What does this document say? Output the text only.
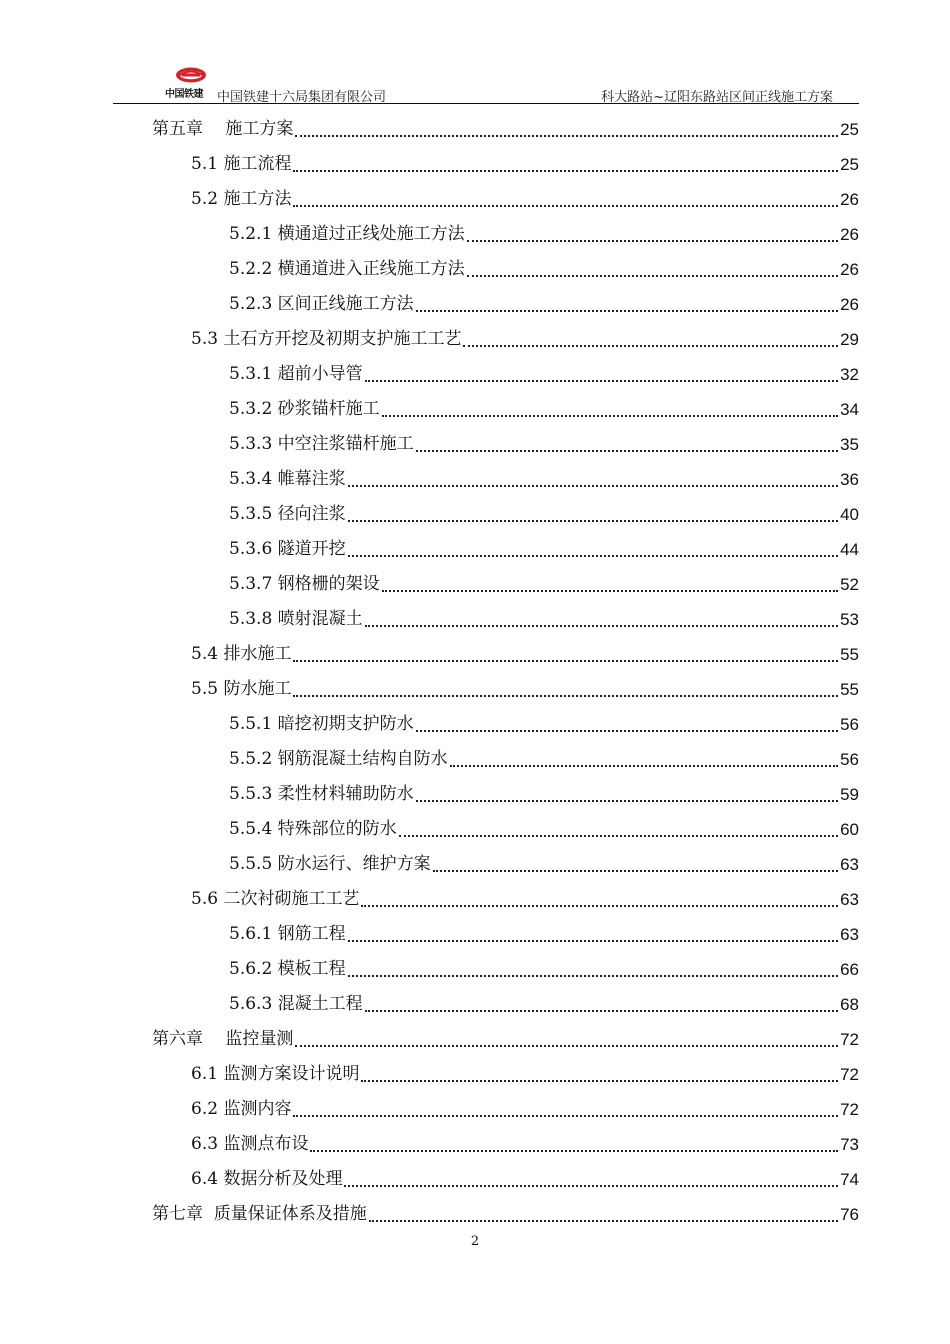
中国铁建 中国铁建十六局集团有限公司	科大路站~辽阳东路站区间正线施工方案
第五章　 施工方案	25
5.1 施工流程	25
5.2 施工方法	26
5.2.1 横通道过正线处施工方法	26
5.2.2 横通道进入正线施工方法	26
5.2.3 区间正线施工方法	26
5.3 土石方开挖及初期支护施工工艺	29
5.3.1 超前小导管	32
5.3.2 砂浆锚杆施工	34
5.3.3 中空注浆锚杆施工	35
5.3.4 帷幕注浆	36
5.3.5 径向注浆	40
5.3.6 隧道开挖	44
5.3.7 钢格栅的架设	52
5.3.8 喷射混凝土	53
5.4 排水施工	55
5.5 防水施工	55
5.5.1 暗挖初期支护防水	56
5.5.2 钢筋混凝土结构自防水	56
5.5.3 柔性材料辅助防水	59
5.5.4 特殊部位的防水	60
5.5.5 防水运行、维护方案	63
5.6 二次衬砌施工工艺	63
5.6.1 钢筋工程	63
5.6.2 模板工程	66
5.6.3 混凝土工程	68
第六章　 监控量测	72
6.1 监测方案设计说明	72
6.2 监测内容	72
6.3 监测点布设	73
6.4 数据分析及处理	74
第七章  质量保证体系及措施	76
2
